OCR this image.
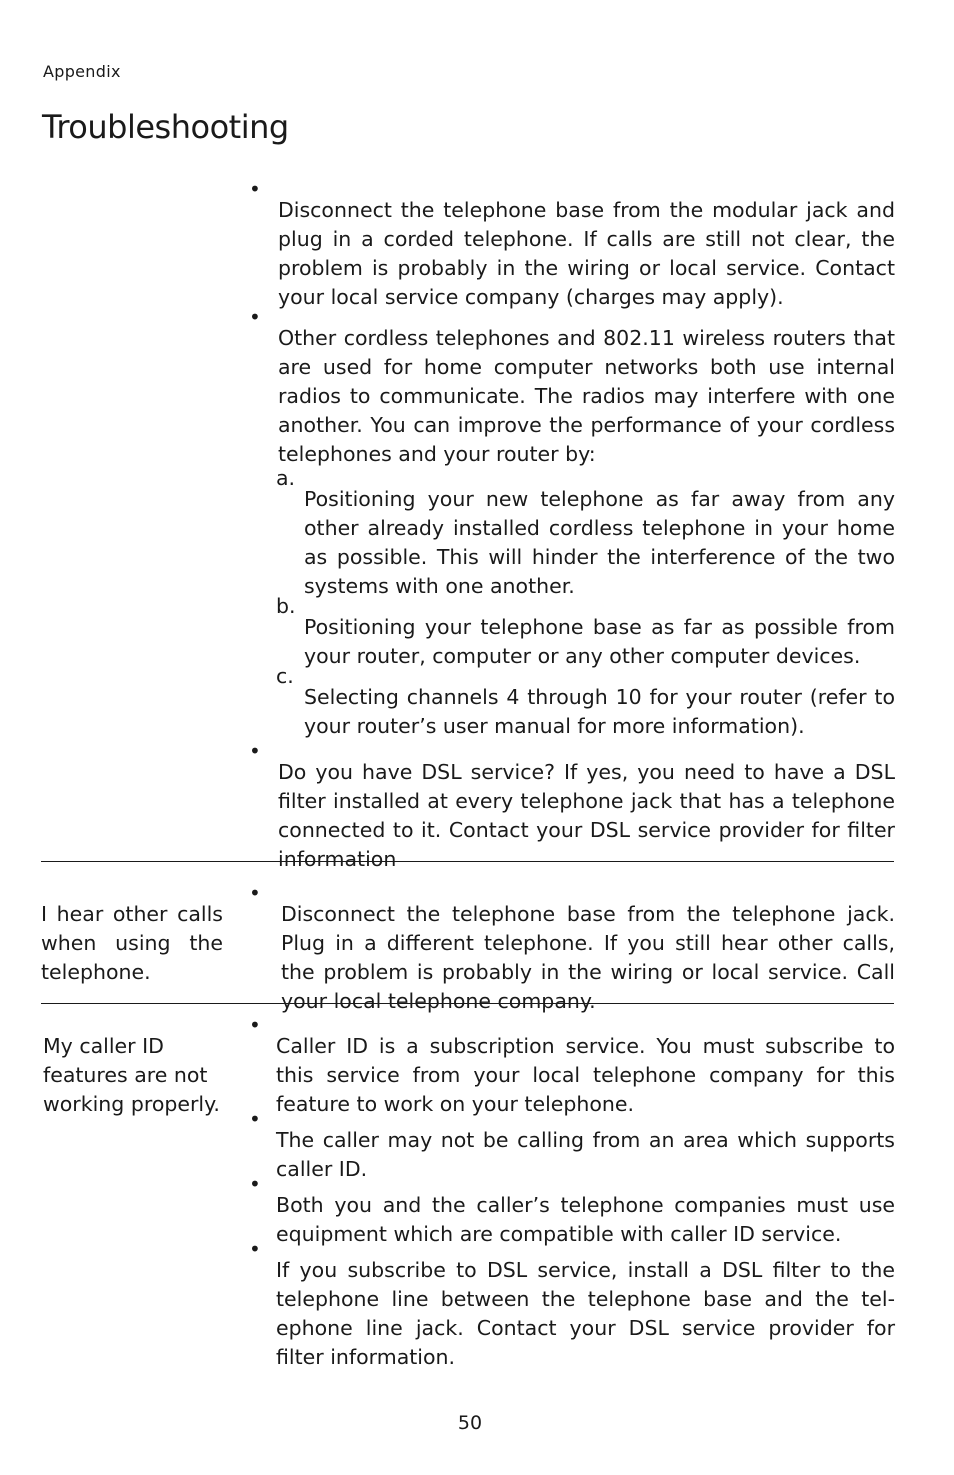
Appendix
Troubleshooting
•

Disconnect the telephone base from the modular jack and plug in a corded telephone. If calls are still not clear, the problem is probably in the wiring or local service. Contact your local service company (charges may apply).

•

Other cordless telephones and 802.11 wireless routers that are used for home computer networks both use internal radios to communicate. The radios may interfere with one another. You can improve the performance of your cordless telephones and your router by:

a.

Positioning your new telephone as far away from any other already installed cordless telephone in your home as possible. This will hinder the interference of the two systems with one another.

b.

Positioning your telephone base as far as possible from your router, computer or any other computer devices.

c.

Selecting channels 4 through 10 for your router (refer to your router’s user manual for more information).

•

Do you have DSL service? If yes, you need to have a DSL filter installed at every telephone jack that has a telephone connected to it. Contact your DSL service provider for filter information

I hear other calls when using the telephone.

•

Disconnect the telephone base from the telephone jack. Plug in a different telephone. If you still hear other calls, the problem is probably in the wiring or local service. Call your local telephone company.

My caller ID features are not working properly.

•

Caller ID is a subscription service. You must subscribe to this service from your local telephone company for this feature to work on your telephone.

•

The caller may not be calling from an area which supports caller ID.

•

Both you and the caller’s telephone companies must use equipment which are compatible with caller ID service.

•

If you subscribe to DSL service, install a DSL filter to the telephone line between the telephone base and the tel-ephone line jack. Contact your DSL service provider for filter information.

50
